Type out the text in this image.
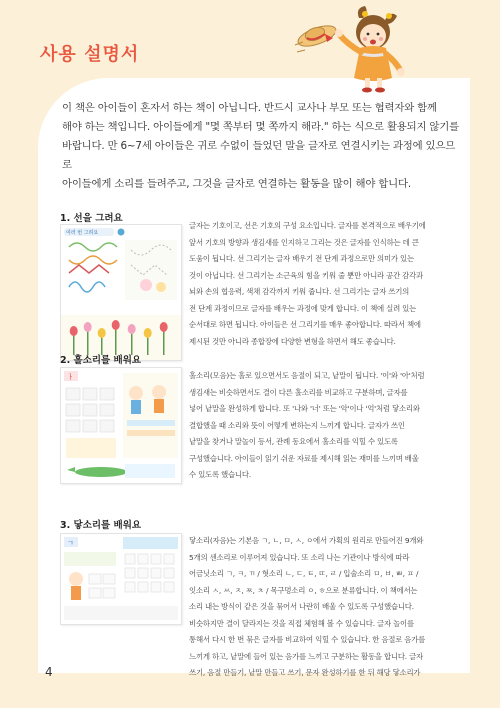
사용 설명서
이 책은 아이들이 혼자서 하는 책이 아닙니다. 반드시 교사나 부모 또는 협력자와 함께
해야 하는 책입니다. 아이들에게 "몇 쪽부터 몇 쪽까지 해라." 하는 식으로 활용되지 않기를
바랍니다. 만 6~7세 아이들은 귀로 수없이 들었던 말을 글자로 연결시키는 과정에 있으므로
아이들에게 소리를 들려주고, 그것을 글자로 연결하는 활동을 많이 해야 합니다.
1. 선을 그려요
여러 번 그려요
글자는 기호이고, 선은 기호의 구성 요소입니다. 글자를 본격적으로 배우기에
앞서 기호의 방향과 생김새를 인지하고 그리는 것은 글자를 인식하는 데 큰
도움이 됩니다. 선 그리기는 글자 배우기 전 단계 과정으로만 의미가 있는
것이 아닙니다. 선 그리기는 소근육의 힘을 키워 줄 뿐만 아니라 공간 감각과
뇌와 손의 협응력, 색채 감각까지 키워 줍니다. 선 그리기는 글자 쓰기의
전 단계 과정이므로 글자를 배우는 과정에 맞게 합니다. 이 책에 실려 있는
순서대로 하면 됩니다. 아이들은 선 그리기를 매우 좋아합니다. 따라서 책에
제시된 것만 아니라 종합장에 다양한 변형을 하면서 해도 좋습니다.
2. 홀소리를 배워요
ㅏ	홀소리(모음)는 홀로 있으면서도 음절이 되고, 낱말이 됩니다. '이'와 '아'처럼
생김새는 비슷하면서도 결이 다른 홀소리를 비교하고 구분하며, 글자를
넣어 낱말을 완성하게 합니다. 또 '나와 '너' 또는 '악'이나 '억'처럼 닿소리와
결합했을 때 소리와 뜻이 어떻게 변하는지 느끼게 합니다. 글자가 쓰인
낱말을 찾거나 말놀이 등서, 관례 동요에서 홀소리를 익힐 수 있도록
구성했습니다. 아이들이 읽기 쉬운 자료를 제시해 읽는 재미를 느끼며 배울
수 있도록 했습니다.
3. 닿소리를 배워요
ㄱ	닿소리(자음)는 기본음 ㄱ, ㄴ, ㅁ, ㅅ, ㅇ에서 가획의 원리로 만들어진 9개와
5개의 센소리로 이루어져 있습니다. 또 소리 나는 기관이나 방식에 따라
어금닛소리 ㄱ, ㅋ, ㄲ / 혓소리 ㄴ, ㄷ, ㅌ, ㄸ, ㄹ / 입술소리 ㅁ, ㅂ, ㅃ, ㅍ /
잇소리 ㅅ, ㅆ, ㅈ, ㅉ, ㅊ / 목구멍소리 ㅇ, ㅎ으로 분류합니다. 이 책에서는
소리 내는 방식이 같은 것을 묶어서 나란히 배울 수 있도록 구성했습니다.
비슷하지만 결이 달라지는 것을 직접 체험해 볼 수 있습니다. 글자 놀이를
통해서 다시 한 번 묶은 글자를 비교하여 익힐 수 있습니다. 한 음절로 음가를
느끼게 하고, 낱말에 들어 있는 음가를 느끼고 구분하는 활동을 합니다. 글자
쓰기, 음절 만들기, 낱말 만들고 쓰기, 문자 완성하기를 한 뒤 해당 닿소리가
4
